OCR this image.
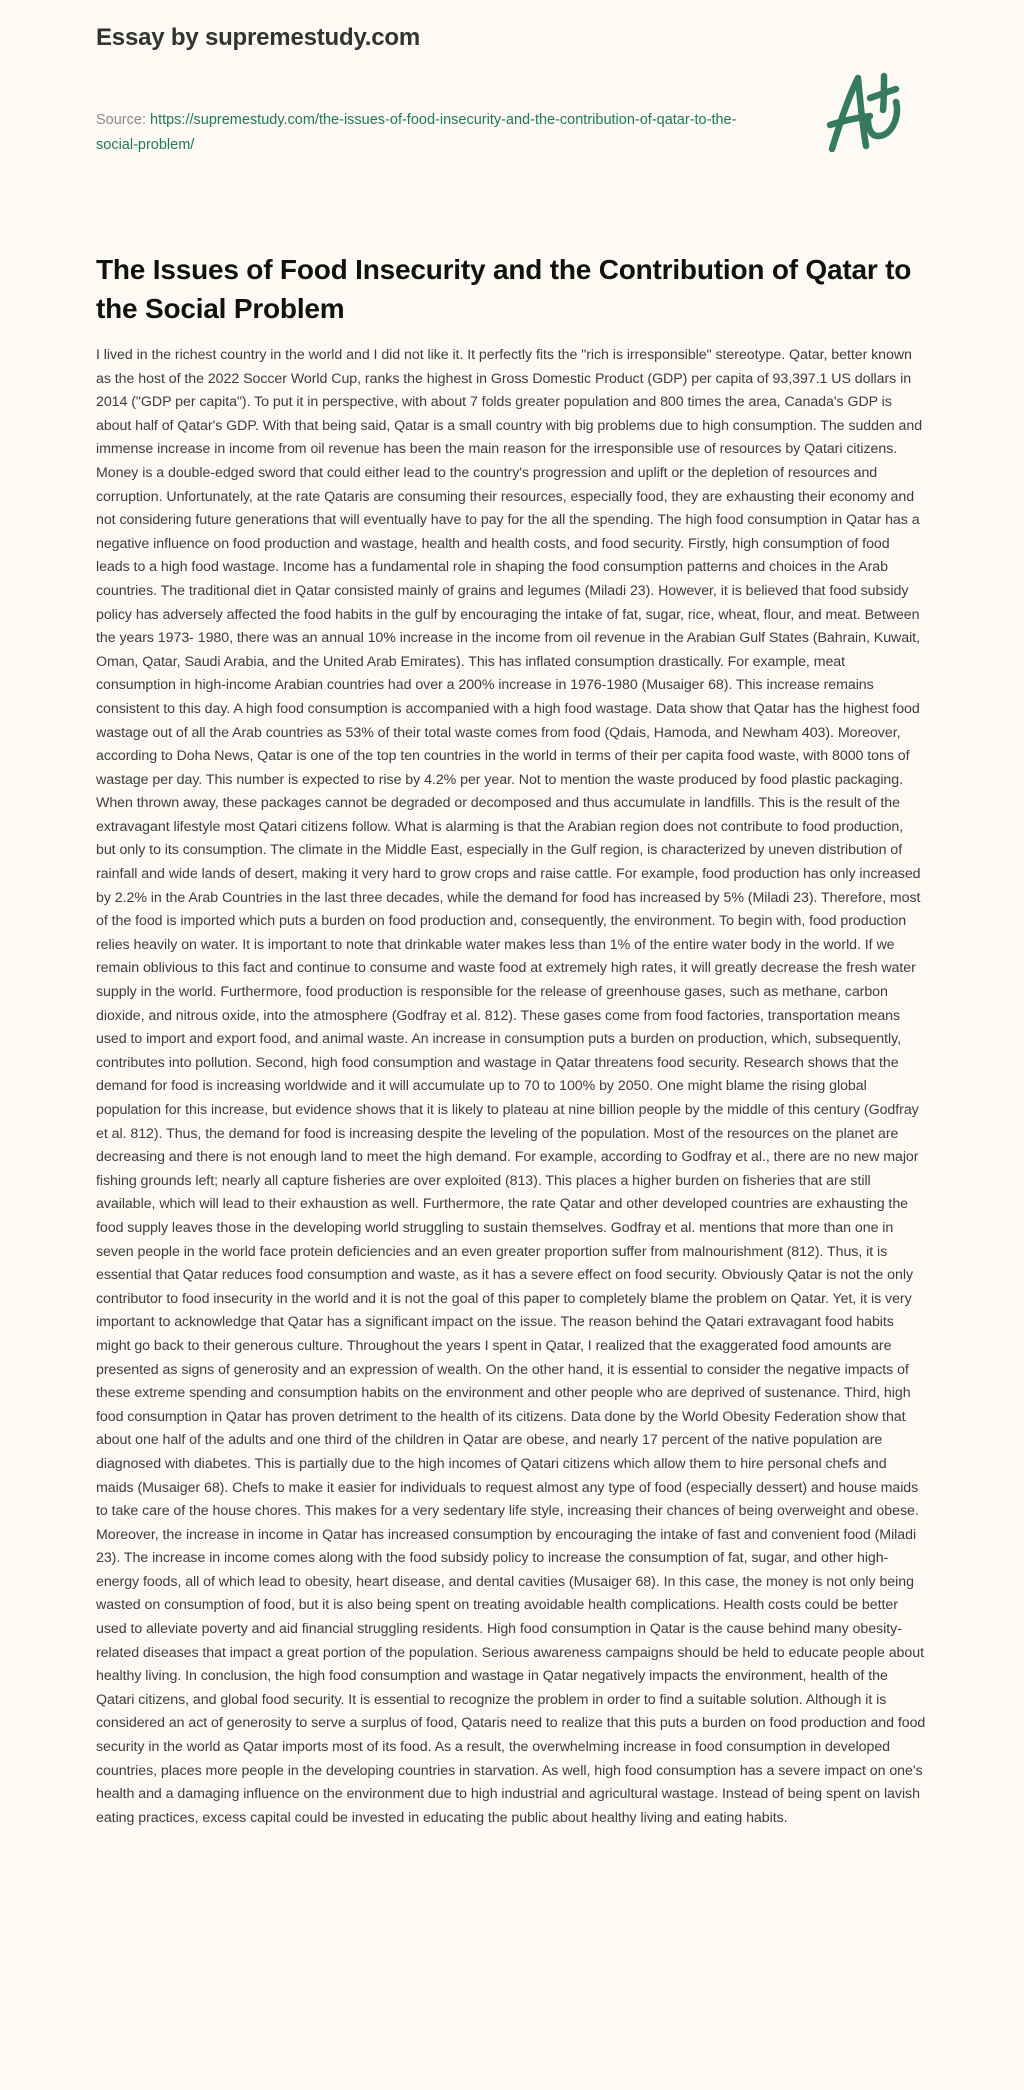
Essay by supremestudy.com
Source: https://supremestudy.com/the-issues-of-food-insecurity-and-the-contribution-of-qatar-to-the-social-problem/
The Issues of Food Insecurity and the Contribution of Qatar to the Social Problem

I lived in the richest country in the world and I did not like it. It perfectly fits the "rich is irresponsible" stereotype. Qatar, better known as the host of the 2022 Soccer World Cup, ranks the highest in Gross Domestic Product (GDP) per capita of 93,397.1 US dollars in 2014 ("GDP per capita"). To put it in perspective, with about 7 folds greater population and 800 times the area, Canada's GDP is about half of Qatar's GDP. With that being said, Qatar is a small country with big problems due to high consumption. The sudden and immense increase in income from oil revenue has been the main reason for the irresponsible use of resources by Qatari citizens. Money is a double-edged sword that could either lead to the country's progression and uplift or the depletion of resources and corruption. Unfortunately, at the rate Qataris are consuming their resources, especially food, they are exhausting their economy and not considering future generations that will eventually have to pay for the all the spending. The high food consumption in Qatar has a negative influence on food production and wastage, health and health costs, and food security. Firstly, high consumption of food leads to a high food wastage. Income has a fundamental role in shaping the food consumption patterns and choices in the Arab countries. The traditional diet in Qatar consisted mainly of grains and legumes (Miladi 23). However, it is believed that food subsidy policy has adversely affected the food habits in the gulf by encouraging the intake of fat, sugar, rice, wheat, flour, and meat. Between the years 1973- 1980, there was an annual 10% increase in the income from oil revenue in the Arabian Gulf States (Bahrain, Kuwait, Oman, Qatar, Saudi Arabia, and the United Arab Emirates). This has inflated consumption drastically. For example, meat consumption in high-income Arabian countries had over a 200% increase in 1976-1980 (Musaiger 68). This increase remains consistent to this day. A high food consumption is accompanied with a high food wastage. Data show that Qatar has the highest food wastage out of all the Arab countries as 53% of their total waste comes from food (Qdais, Hamoda, and Newham 403). Moreover, according to Doha News, Qatar is one of the top ten countries in the world in terms of their per capita food waste, with 8000 tons of wastage per day. This number is expected to rise by 4.2% per year. Not to mention the waste produced by food plastic packaging. When thrown away, these packages cannot be degraded or decomposed and thus accumulate in landfills. This is the result of the extravagant lifestyle most Qatari citizens follow. What is alarming is that the Arabian region does not contribute to food production, but only to its consumption. The climate in the Middle East, especially in the Gulf region, is characterized by uneven distribution of rainfall and wide lands of desert, making it very hard to grow crops and raise cattle. For example, food production has only increased by 2.2% in the Arab Countries in the last three decades, while the demand for food has increased by 5% (Miladi 23). Therefore, most of the food is imported which puts a burden on food production and, consequently, the environment. To begin with, food production relies heavily on water. It is important to note that drinkable water makes less than 1% of the entire water body in the world. If we remain oblivious to this fact and continue to consume and waste food at extremely high rates, it will greatly decrease the fresh water supply in the world. Furthermore, food production is responsible for the release of greenhouse gases, such as methane, carbon dioxide, and nitrous oxide, into the atmosphere (Godfray et al. 812). These gases come from food factories, transportation means used to import and export food, and animal waste. An increase in consumption puts a burden on production, which, subsequently, contributes into pollution. Second, high food consumption and wastage in Qatar threatens food security. Research shows that the demand for food is increasing worldwide and it will accumulate up to 70 to 100% by 2050. One might blame the rising global population for this increase, but evidence shows that it is likely to plateau at nine billion people by the middle of this century (Godfray et al. 812). Thus, the demand for food is increasing despite the leveling of the population. Most of the resources on the planet are decreasing and there is not enough land to meet the high demand. For example, according to Godfray et al., there are no new major fishing grounds left; nearly all capture fisheries are over exploited (813). This places a higher burden on fisheries that are still available, which will lead to their exhaustion as well. Furthermore, the rate Qatar and other developed countries are exhausting the food supply leaves those in the developing world struggling to sustain themselves. Godfray et al. mentions that more than one in seven people in the world face protein deficiencies and an even greater proportion suffer from malnourishment (812). Thus, it is essential that Qatar reduces food consumption and waste, as it has a severe effect on food security. Obviously Qatar is not the only contributor to food insecurity in the world and it is not the goal of this paper to completely blame the problem on Qatar. Yet, it is very important to acknowledge that Qatar has a significant impact on the issue. The reason behind the Qatari extravagant food habits might go back to their generous culture. Throughout the years I spent in Qatar, I realized that the exaggerated food amounts are presented as signs of generosity and an expression of wealth. On the other hand, it is essential to consider the negative impacts of these extreme spending and consumption habits on the environment and other people who are deprived of sustenance. Third, high food consumption in Qatar has proven detriment to the health of its citizens. Data done by the World Obesity Federation show that about one half of the adults and one third of the children in Qatar are obese, and nearly 17 percent of the native population are diagnosed with diabetes. This is partially due to the high incomes of Qatari citizens which allow them to hire personal chefs and maids (Musaiger 68). Chefs to make it easier for individuals to request almost any type of food (especially dessert) and house maids to take care of the house chores. This makes for a very sedentary life style, increasing their chances of being overweight and obese. Moreover, the increase in income in Qatar has increased consumption by encouraging the intake of fast and convenient food (Miladi 23). The increase in income comes along with the food subsidy policy to increase the consumption of fat, sugar, and other high-energy foods, all of which lead to obesity, heart disease, and dental cavities (Musaiger 68). In this case, the money is not only being wasted on consumption of food, but it is also being spent on treating avoidable health complications. Health costs could be better used to alleviate poverty and aid financial struggling residents. High food consumption in Qatar is the cause behind many obesity-related diseases that impact a great portion of the population. Serious awareness campaigns should be held to educate people about healthy living. In conclusion, the high food consumption and wastage in Qatar negatively impacts the environment, health of the Qatari citizens, and global food security. It is essential to recognize the problem in order to find a suitable solution. Although it is considered an act of generosity to serve a surplus of food, Qataris need to realize that this puts a burden on food production and food security in the world as Qatar imports most of its food. As a result, the overwhelming increase in food consumption in developed countries, places more people in the developing countries in starvation. As well, high food consumption has a severe impact on one's health and a damaging influence on the environment due to high industrial and agricultural wastage. Instead of being spent on lavish eating practices, excess capital could be invested in educating the public about healthy living and eating habits.
